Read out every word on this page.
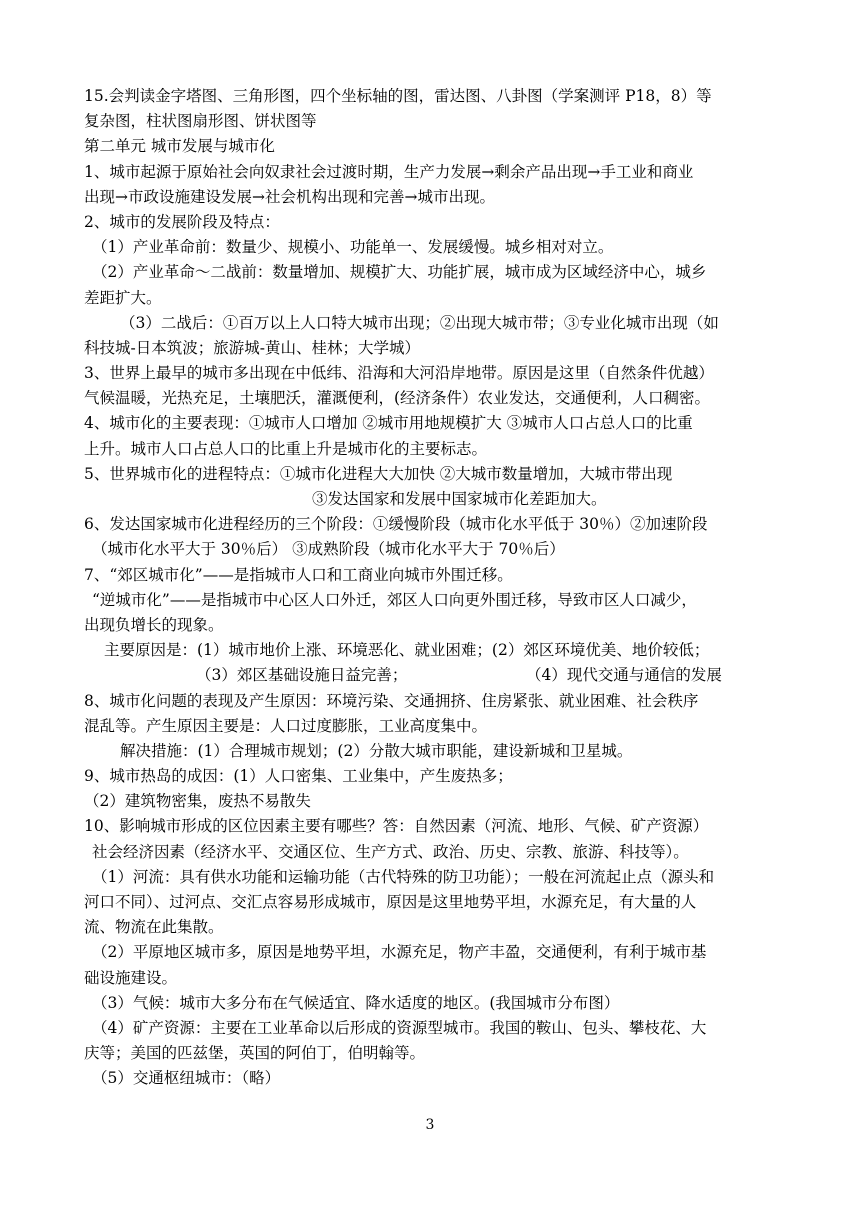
15.会判读金字塔图、三角形图，四个坐标轴的图，雷达图、八卦图（学案测评 P18，8）等
复杂图，柱状图扇形图、饼状图等
第二单元 城市发展与城市化
1、城市起源于原始社会向奴隶社会过渡时期，生产力发展→剩余产品出现→手工业和商业
出现→市政设施建设发展→社会机构出现和完善→城市出现。
2、城市的发展阶段及特点：
（1）产业革命前：数量少、规模小、功能单一、发展缓慢。城乡相对对立。
（2）产业革命～二战前：数量增加、规模扩大、功能扩展，城市成为区域经济中心，城乡
差距扩大。
（3）二战后：①百万以上人口特大城市出现；②出现大城市带；③专业化城市出现（如
科技城-日本筑波；旅游城-黄山、桂林；大学城）
3、世界上最早的城市多出现在中低纬、沿海和大河沿岸地带。原因是这里（自然条件优越）
气候温暖，光热充足，土壤肥沃，灌溉便利，(经济条件）农业发达，交通便利，人口稠密。
4、城市化的主要表现：①城市人口增加 ②城市用地规模扩大 ③城市人口占总人口的比重
上升。城市人口占总人口的比重上升是城市化的主要标志。
5、世界城市化的进程特点：①城市化进程大大加快 ②大城市数量增加，大城市带出现
③发达国家和发展中国家城市化差距加大。
6、发达国家城市化进程经历的三个阶段：①缓慢阶段（城市化水平低于 30％）②加速阶段
（城市化水平大于 30％后） ③成熟阶段（城市化水平大于 70％后）
7、“郊区城市化”——是指城市人口和工商业向城市外围迁移。
“逆城市化”——是指城市中心区人口外迁，郊区人口向更外围迁移，导致市区人口减少，
出现负增长的现象。
主要原因是：(1）城市地价上涨、环境恶化、就业困难；(2）郊区环境优美、地价较低；
（3）郊区基础设施日益完善；	（4）现代交通与通信的发展
8、城市化问题的表现及产生原因：环境污染、交通拥挤、住房紧张、就业困难、社会秩序
混乱等。产生原因主要是：人口过度膨胀，工业高度集中。
解决措施：(1）合理城市规划；(2）分散大城市职能，建设新城和卫星城。
9、城市热岛的成因：(1）人口密集、工业集中，产生废热多；
（2）建筑物密集，废热不易散失
10、影响城市形成的区位因素主要有哪些？答：自然因素（河流、地形、气候、矿产资源）
社会经济因素（经济水平、交通区位、生产方式、政治、历史、宗教、旅游、科技等）。
（1）河流：具有供水功能和运输功能（古代特殊的防卫功能）；一般在河流起止点（源头和
河口不同）、过河点、交汇点容易形成城市，原因是这里地势平坦，水源充足，有大量的人
流、物流在此集散。
（2）平原地区城市多，原因是地势平坦，水源充足，物产丰盈，交通便利，有利于城市基
础设施建设。
（3）气候：城市大多分布在气候适宜、降水适度的地区。(我国城市分布图）
（4）矿产资源：主要在工业革命以后形成的资源型城市。我国的鞍山、包头、攀枝花、大
庆等；美国的匹兹堡，英国的阿伯丁，伯明翰等。
（5）交通枢纽城市：（略）
3
